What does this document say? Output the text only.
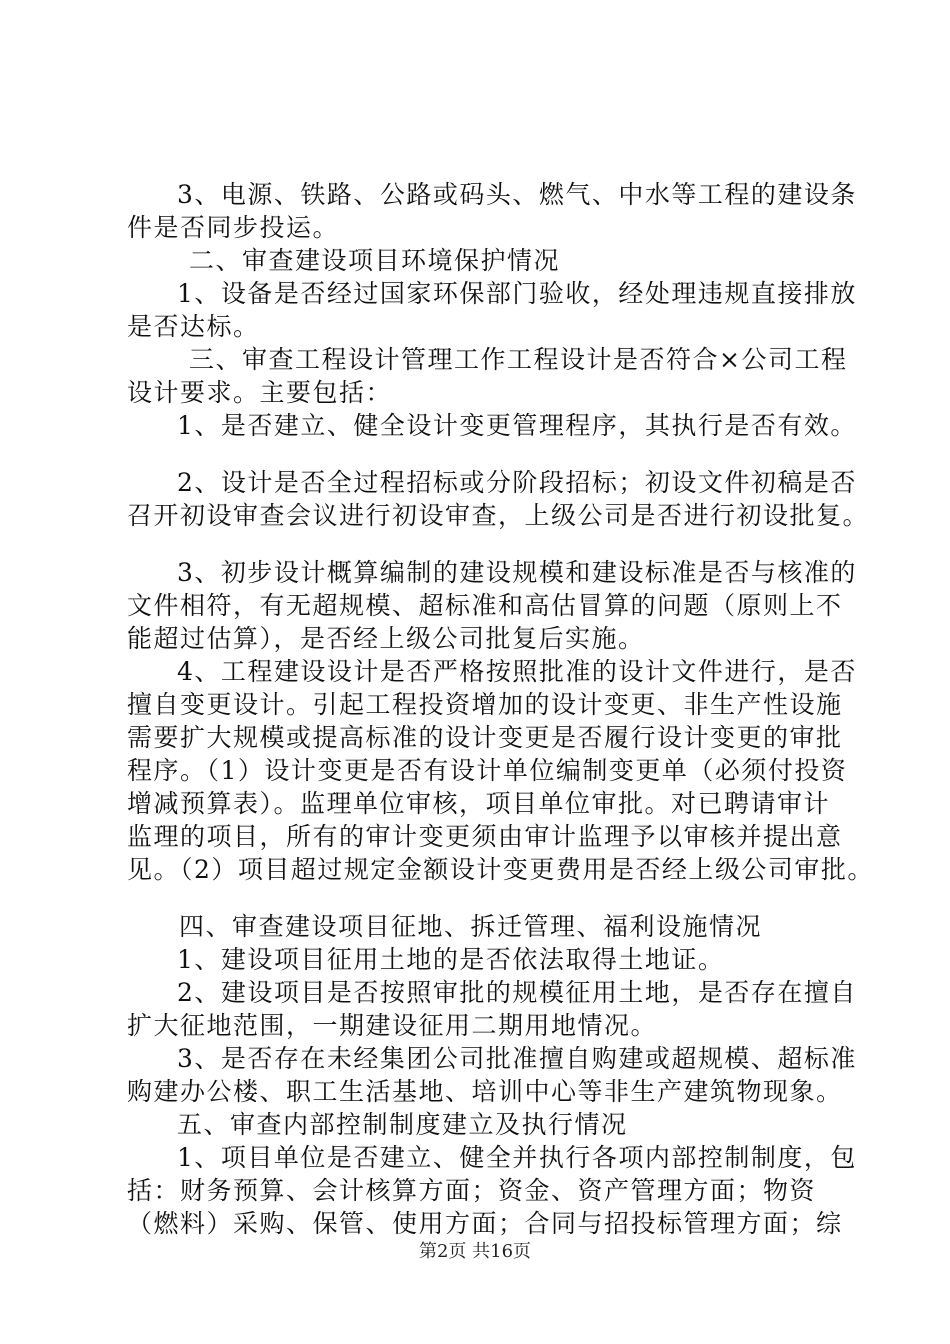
3、电源、铁路、公路或码头、燃气、中水等工程的建设条
件是否同步投运。
二、审查建设项目环境保护情况
1、设备是否经过国家环保部门验收，经处理违规直接排放
是否达标。
三、审查工程设计管理工作工程设计是否符合×公司工程
设计要求。主要包括：
1、是否建立、健全设计变更管理程序，其执行是否有效。
2、设计是否全过程招标或分阶段招标；初设文件初稿是否
召开初设审查会议进行初设审查，上级公司是否进行初设批复。
3、初步设计概算编制的建设规模和建设标准是否与核准的
文件相符，有无超规模、超标准和高估冒算的问题（原则上不
能超过估算），是否经上级公司批复后实施。
4、工程建设设计是否严格按照批准的设计文件进行，是否
擅自变更设计。引起工程投资增加的设计变更、非生产性设施
需要扩大规模或提高标准的设计变更是否履行设计变更的审批
程序。（1）设计变更是否有设计单位编制变更单（必须付投资
增减预算表）。监理单位审核，项目单位审批。对已聘请审计
监理的项目，所有的审计变更须由审计监理予以审核并提出意
见。（2）项目超过规定金额设计变更费用是否经上级公司审批。
四、审查建设项目征地、拆迁管理、福利设施情况
1、建设项目征用土地的是否依法取得土地证。
2、建设项目是否按照审批的规模征用土地，是否存在擅自
扩大征地范围，一期建设征用二期用地情况。
3、是否存在未经集团公司批准擅自购建或超规模、超标准
购建办公楼、职工生活基地、培训中心等非生产建筑物现象。
五、审查内部控制制度建立及执行情况
1、项目单位是否建立、健全并执行各项内部控制制度，包
括：财务预算、会计核算方面；资金、资产管理方面；物资
（燃料）采购、保管、使用方面；合同与招投标管理方面；综
第2页 共16页
